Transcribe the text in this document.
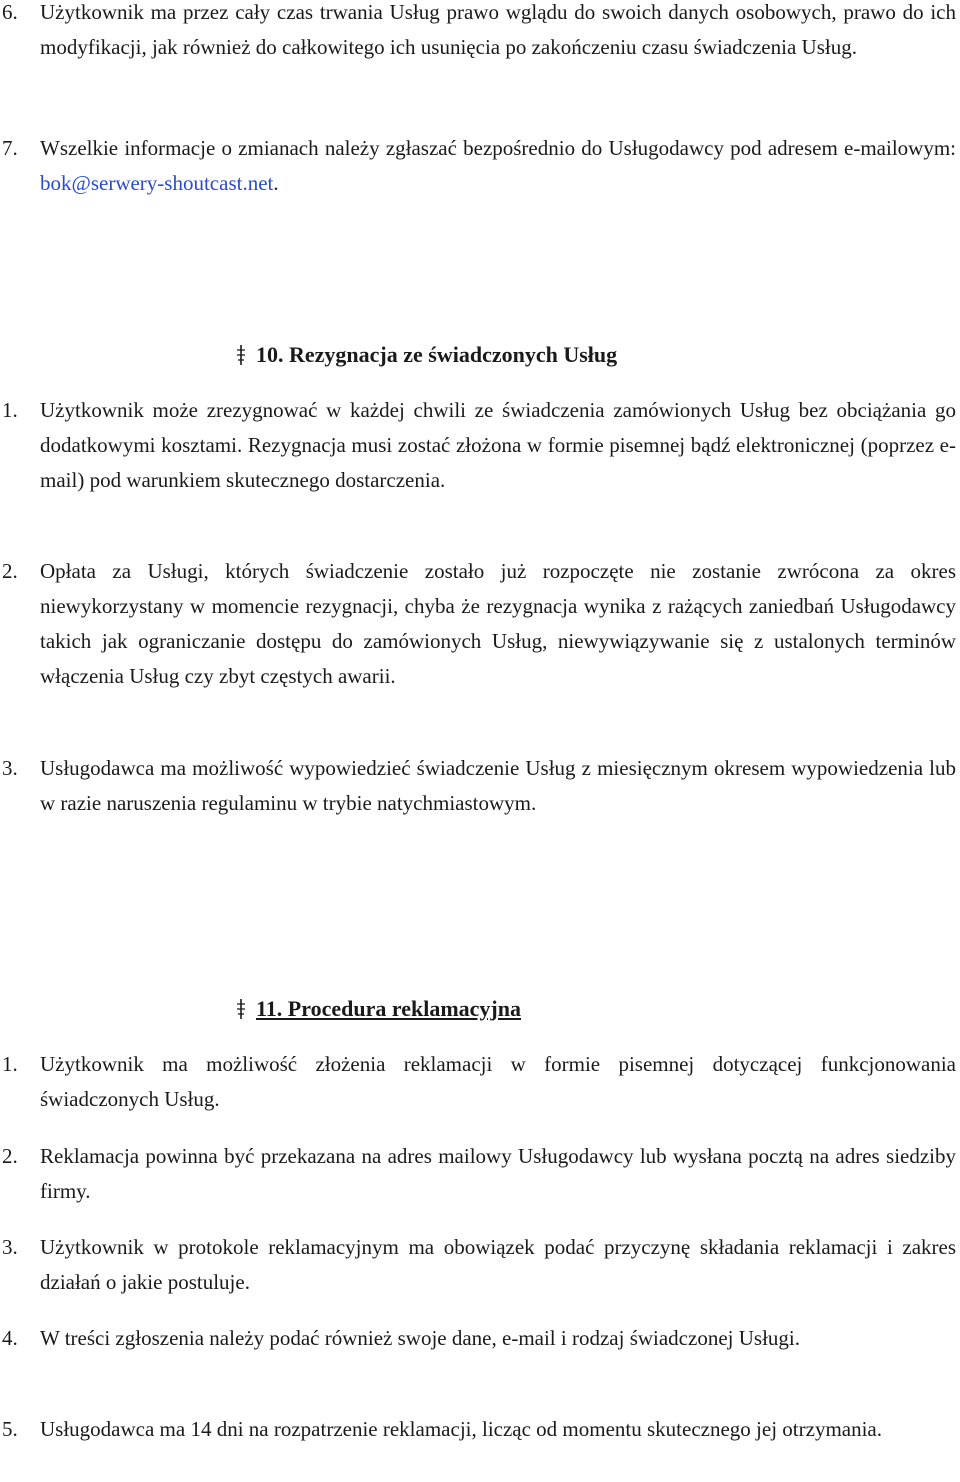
6. Użytkownik ma przez cały czas trwania Usług prawo wglądu do swoich danych osobowych, prawo do ich modyfikacji, jak również do całkowitego ich usunięcia po zakończeniu czasu świadczenia Usług.
7. Wszelkie informacje o zmianach należy zgłaszać bezpośrednio do Usługodawcy pod adresem e-mailowym: bok@serwery-shoutcast.net.
10. Rezygnacja ze świadczonych Usług
1. Użytkownik może zrezygnować w każdej chwili ze świadczenia zamówionych Usług bez obciążania go dodatkowymi kosztami. Rezygnacja musi zostać złożona w formie pisemnej bądź elektronicznej (poprzez e-mail) pod warunkiem skutecznego dostarczenia.
2. Opłata za Usługi, których świadczenie zostało już rozpoczęte nie zostanie zwrócona za okres niewykorzystany w momencie rezygnacji, chyba że rezygnacja wynika z rażących zaniedbań Usługodawcy takich jak ograniczanie dostępu do zamówionych Usług, niewywiązywanie się z ustalonych terminów włączenia Usług czy zbyt częstych awarii.
3. Usługodawca ma możliwość wypowiedzieć świadczenie Usług z miesięcznym okresem wypowiedzenia lub w razie naruszenia regulaminu w trybie natychmiastowym.
11. Procedura reklamacyjna
1. Użytkownik ma możliwość złożenia reklamacji w formie pisemnej dotyczącej funkcjonowania świadczonych Usług.
2. Reklamacja powinna być przekazana na adres mailowy Usługodawcy lub wysłana pocztą na adres siedziby firmy.
3. Użytkownik w protokole reklamacyjnym ma obowiązek podać przyczynę składania reklamacji i zakres działań o jakie postuluje.
4. W treści zgłoszenia należy podać również swoje dane, e-mail i rodzaj świadczonej Usługi.
5. Usługodawca ma 14 dni na rozpatrzenie reklamacji, licząc od momentu skutecznego jej otrzymania.
